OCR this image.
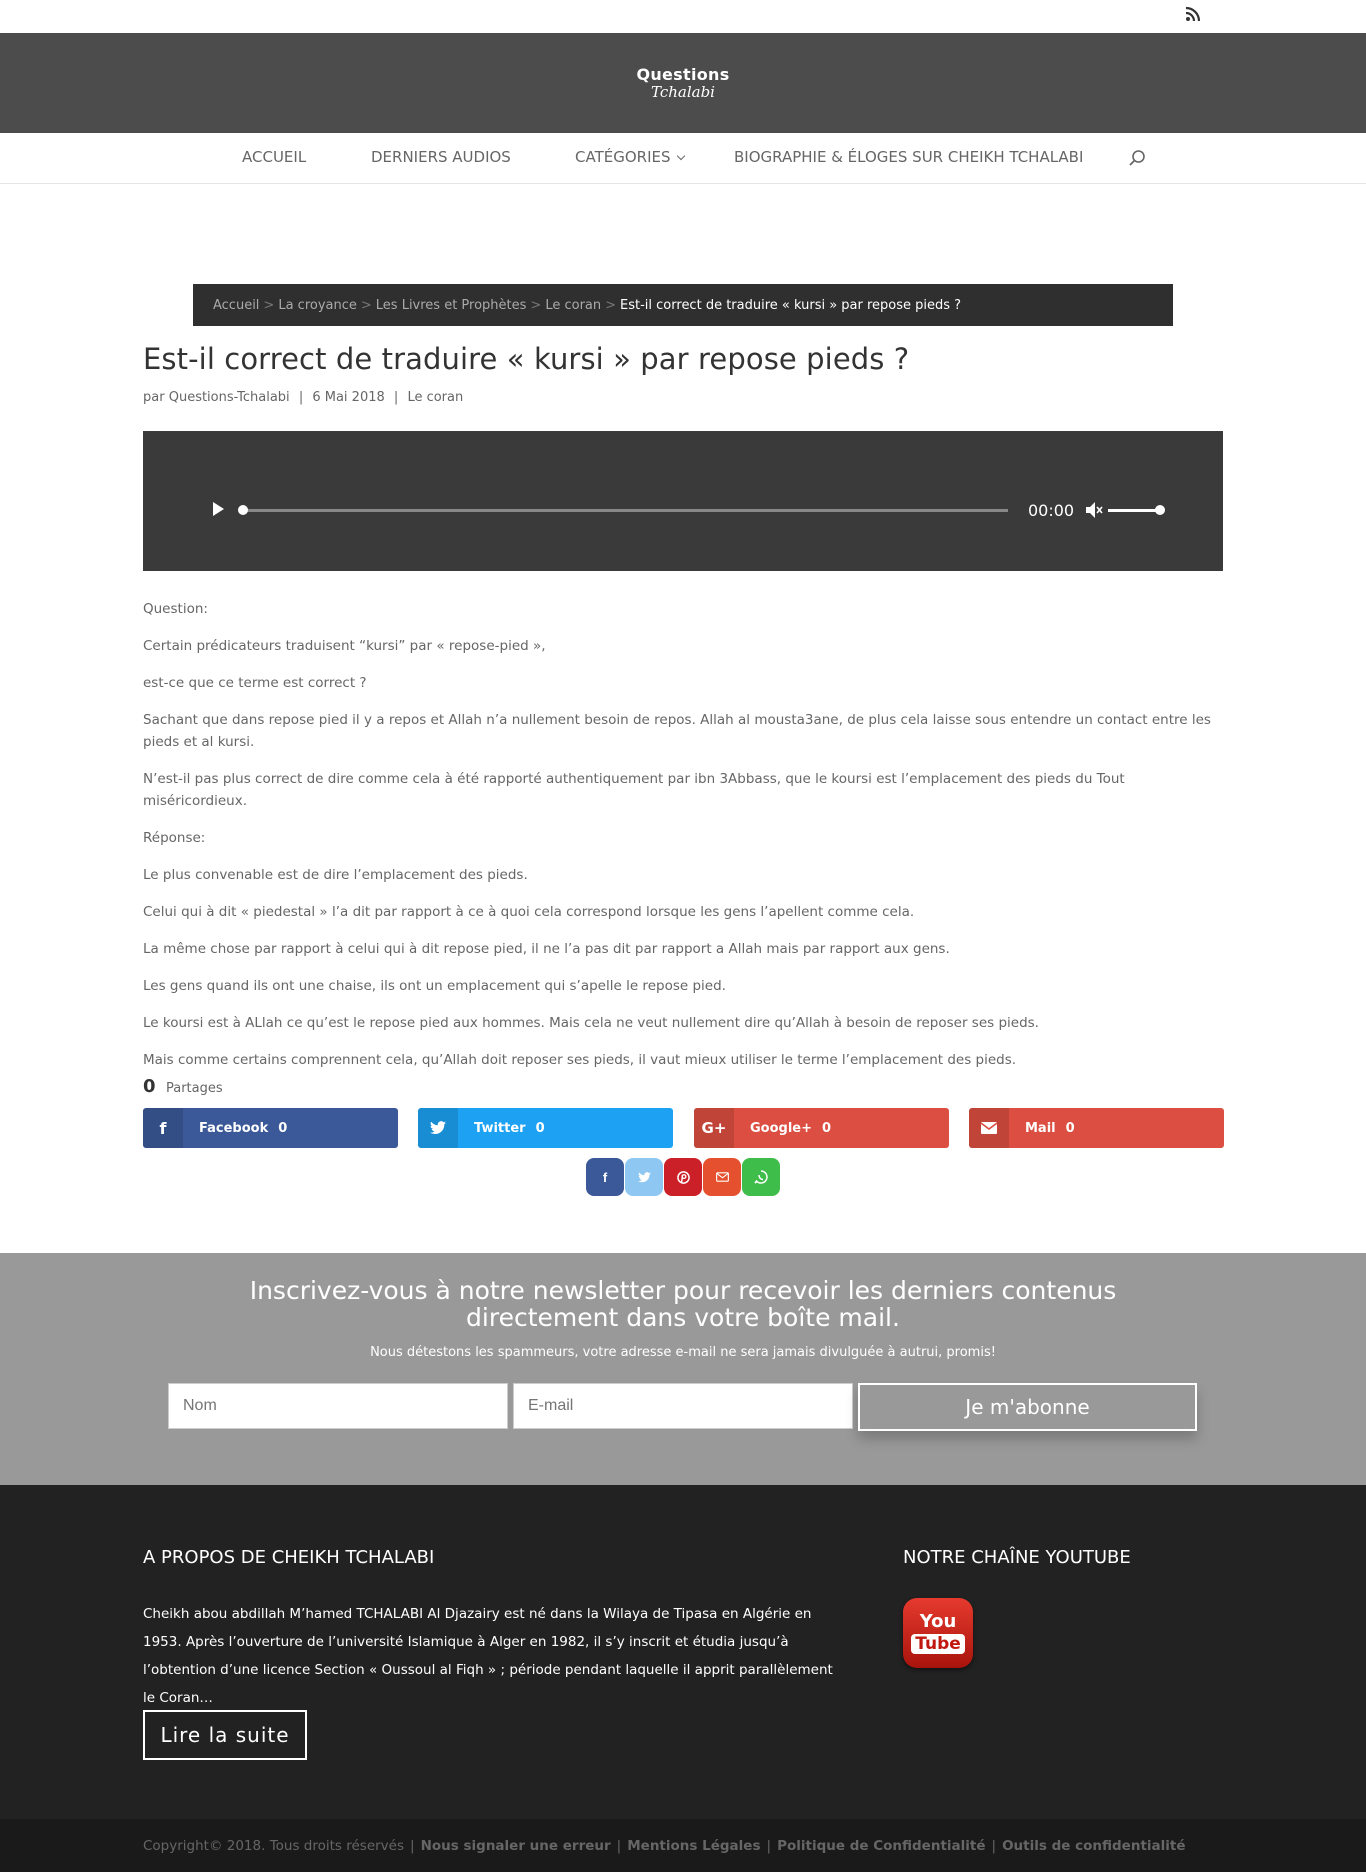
Questions
Tchalabi
ACCUEIL	DERNIERS AUDIOS	CATÉGORIES	BIOGRAPHIE & ÉLOGES SUR CHEIKH TCHALABI
Accueil > La croyance > Les Livres et Prophètes > Le coran > Est-il correct de traduire « kursi » par repose pieds ?
Est-il correct de traduire « kursi » par repose pieds ?
par Questions-Tchalabi | 6 Mai 2018 | Le coran
00:00

Question:

Certain prédicateurs traduisent “kursi” par « repose-pied »,

est-ce que ce terme est correct ?

Sachant que dans repose pied il y a repos et Allah n’a nullement besoin de repos. Allah al mousta3ane, de plus cela laisse sous entendre un contact entre les pieds et al kursi.

N’est-il pas plus correct de dire comme cela à été rapporté authentiquement par ibn 3Abbass, que le koursi est l’emplacement des pieds du Tout miséricordieux.

Réponse:

Le plus convenable est de dire l’emplacement des pieds.

Celui qui à dit « piedestal » l’a dit par rapport à ce à quoi cela correspond lorsque les gens l’apellent comme cela.

La même chose par rapport à celui qui à dit repose pied, il ne l’a pas dit par rapport a Allah mais par rapport aux gens.

Les gens quand ils ont une chaise, ils ont un emplacement qui s’apelle le repose pied.

Le koursi est à ALlah ce qu’est le repose pied aux hommes. Mais cela ne veut nullement dire qu’Allah à besoin de reposer ses pieds.

Mais comme certains comprennent cela, qu’Allah doit reposer ses pieds, il vaut mieux utiliser le terme l’emplacement des pieds.

0 Partages
f	Facebook 0	Twitter 0	G+	Google+ 0	Mail 0
f
Inscrivez-vous à notre newsletter pour recevoir les derniers contenus directement dans votre boîte mail.
Nous détestons les spammeurs, votre adresse e-mail ne sera jamais divulguée à autrui, promis!
Nom
E-mail
Je m'abonne
A PROPOS DE CHEIKH TCHALABI
Cheikh abou abdillah M’hamed TCHALABI Al Djazairy est né dans la Wilaya de Tipasa en Algérie en 1953. Après l’ouverture de l’université Islamique à Alger en 1982, il s’y inscrit et étudia jusqu’à l’obtention d’une licence Section « Oussoul al Fiqh » ; période pendant laquelle il apprit parallèlement le Coran…
Lire la suite
NOTRE CHAÎNE YOUTUBE
You
Tube
Copyright© 2018. Tous droits réservés | Nous signaler une erreur | Mentions Légales | Politique de Confidentialité | Outils de confidentialité
